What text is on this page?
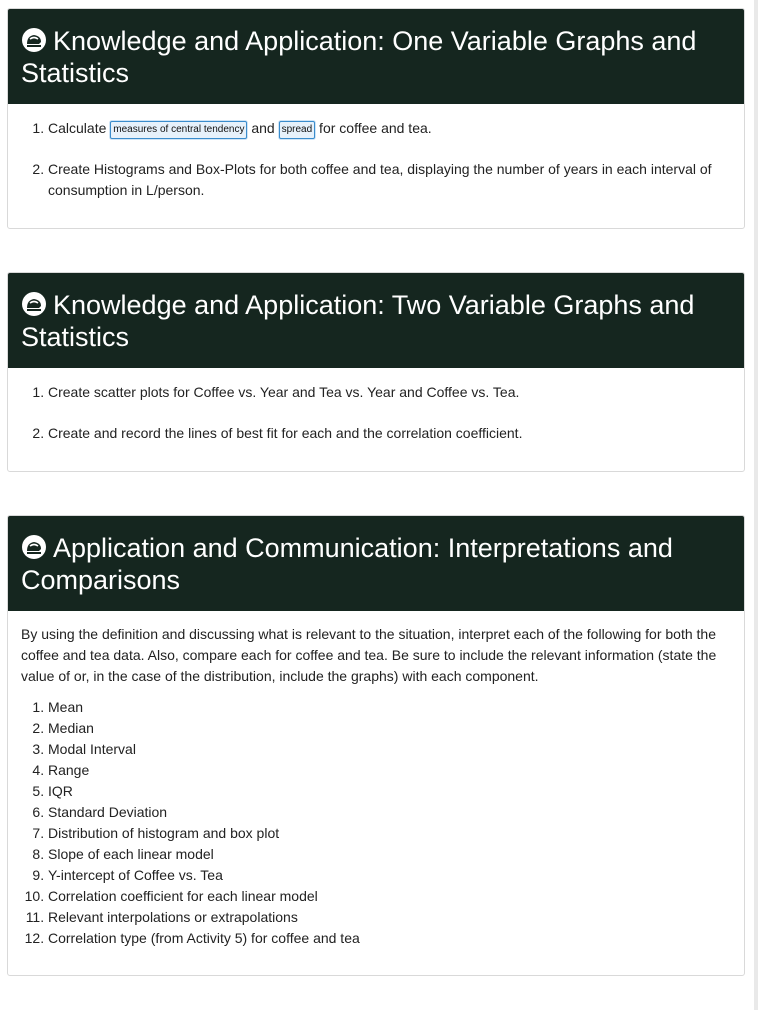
Knowledge and Application: One Variable Graphs and Statistics
1. Calculate measures of central tendency and spread for coffee and tea.
2. Create Histograms and Box-Plots for both coffee and tea, displaying the number of years in each interval of consumption in L/person.
Knowledge and Application: Two Variable Graphs and Statistics
1. Create scatter plots for Coffee vs. Year and Tea vs. Year and Coffee vs. Tea.
2. Create and record the lines of best fit for each and the correlation coefficient.
Application and Communication: Interpretations and Comparisons

By using the definition and discussing what is relevant to the situation, interpret each of the following for both the coffee and tea data. Also, compare each for coffee and tea. Be sure to include the relevant information (state the value of or, in the case of the distribution, include the graphs) with each component.

1. Mean
2. Median
3. Modal Interval
4. Range
5. IQR
6. Standard Deviation
7. Distribution of histogram and box plot
8. Slope of each linear model
9. Y-intercept of Coffee vs. Tea
10. Correlation coefficient for each linear model
11. Relevant interpolations or extrapolations
12. Correlation type (from Activity 5) for coffee and tea
